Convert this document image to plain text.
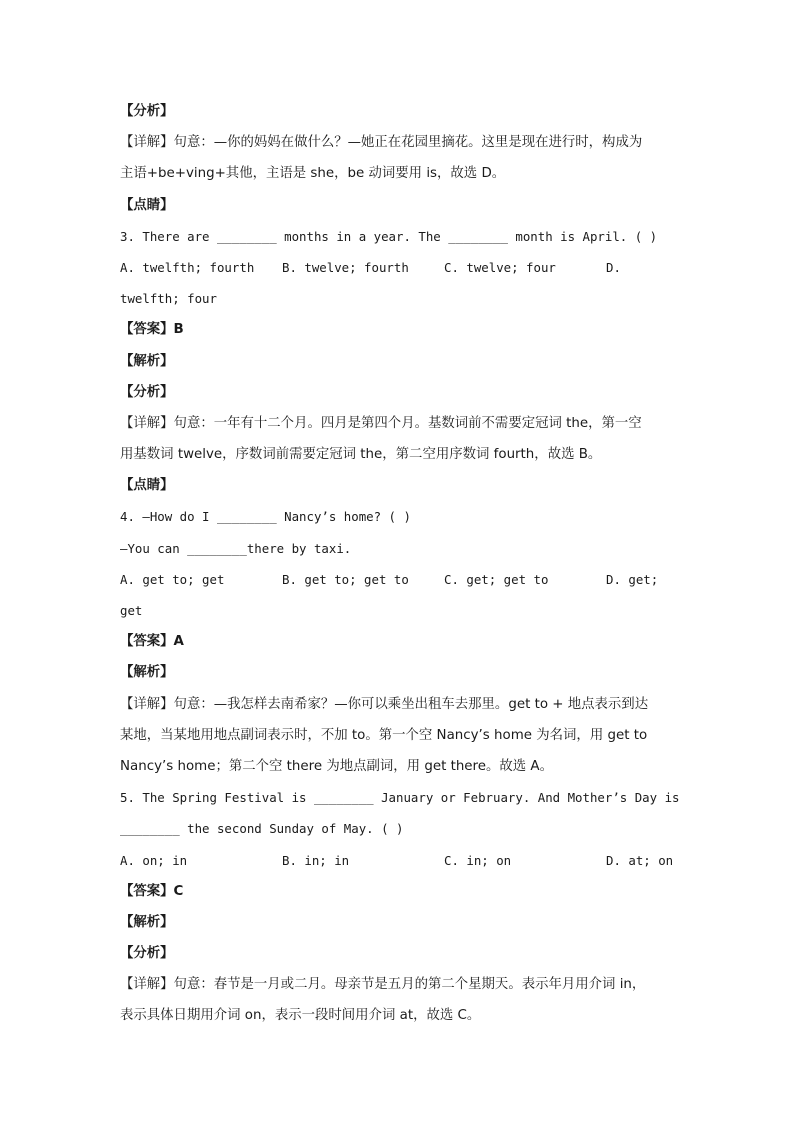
【分析】
【详解】句意：—你的妈妈在做什么？—她正在花园里摘花。这里是现在进行时，构成为
主语+be+ving+其他，主语是 she，be 动词要用 is，故选 D。
【点睛】
3. There are ________ months in a year. The ________ month is April. ( )
A. twelfth; fourth	B. twelve; fourth	C. twelve; four	D.
twelfth; four
【答案】B
【解析】
【分析】
【详解】句意：一年有十二个月。四月是第四个月。基数词前不需要定冠词 the，第一空
用基数词 twelve，序数词前需要定冠词 the，第二空用序数词 fourth，故选 B。
【点睛】
4. —How do I ________ Nancy’s home? ( )
—You can ________there by taxi.
A. get to; get	B. get to; get to	C. get; get to	D. get;
get
【答案】A
【解析】
【详解】句意：—我怎样去南希家？—你可以乘坐出租车去那里。get to + 地点表示到达
某地，当某地用地点副词表示时，不加 to。第一个空 Nancy’s home 为名词，用 get to
Nancy’s home；第二个空 there 为地点副词，用 get there。故选 A。
5. The Spring Festival is ________ January or February. And Mother’s Day is
________ the second Sunday of May. ( )
A. on; in	B. in; in	C. in; on	D. at; on
【答案】C
【解析】
【分析】
【详解】句意：春节是一月或二月。母亲节是五月的第二个星期天。表示年月用介词 in，
表示具体日期用介词 on，表示一段时间用介词 at，故选 C。
